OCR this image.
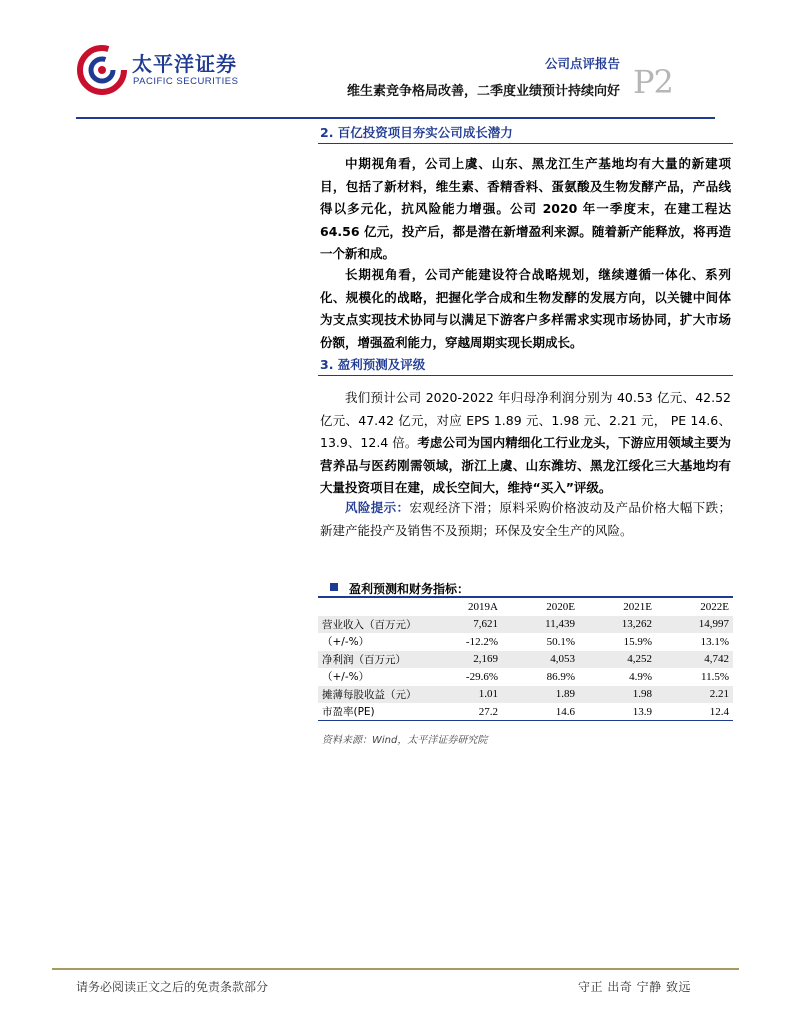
太平洋证券
PACIFIC SECURITIES
公司点评报告
维生素竞争格局改善，二季度业绩预计持续向好 P2
2. 百亿投资项目夯实公司成长潜力

中期视角看，公司上虞、山东、黑龙江生产基地均有大量的新建项目，包括了新材料，维生素、香精香料、蛋氨酸及生物发酵产品，产品线得以多元化，抗风险能力增强。公司 2020 年一季度末，在建工程达 64.56 亿元，投产后，都是潜在新增盈利来源。随着新产能释放，将再造一个新和成。

长期视角看，公司产能建设符合战略规划，继续遵循一体化、系列化、规模化的战略，把握化学合成和生物发酵的发展方向，以关键中间体为支点实现技术协同与以满足下游客户多样需求实现市场协同，扩大市场份额，增强盈利能力，穿越周期实现长期成长。

3. 盈利预测及评级

我们预计公司 2020-2022 年归母净利润分别为 40.53 亿元、42.52 亿元、47.42 亿元，对应 EPS 1.89 元、1.98 元、2.21 元， PE 14.6、13.9、12.4 倍。考虑公司为国内精细化工行业龙头，下游应用领域主要为营养品与医药刚需领域，浙江上虞、山东潍坊、黑龙江绥化三大基地均有大量投资项目在建，成长空间大，维持“买入”评级。

风险提示：宏观经济下滑；原料采购价格波动及产品价格大幅下跌；新建产能投产及销售不及预期；环保及安全生产的风险。

盈利预测和财务指标：
	2019A	2020E	2021E	2022E
营业收入（百万元）	7,621	11,439	13,262	14,997
（+/-%）	-12.2%	50.1%	15.9%	13.1%
净利润（百万元）	2,169	4,053	4,252	4,742
（+/-%）	-29.6%	86.9%	4.9%	11.5%
摊薄每股收益（元）	1.01	1.89	1.98	2.21
市盈率(PE)	27.2	14.6	13.9	12.4
资料来源：Wind，太平洋证券研究院
请务必阅读正文之后的免责条款部分	守正 出奇 宁静 致远
